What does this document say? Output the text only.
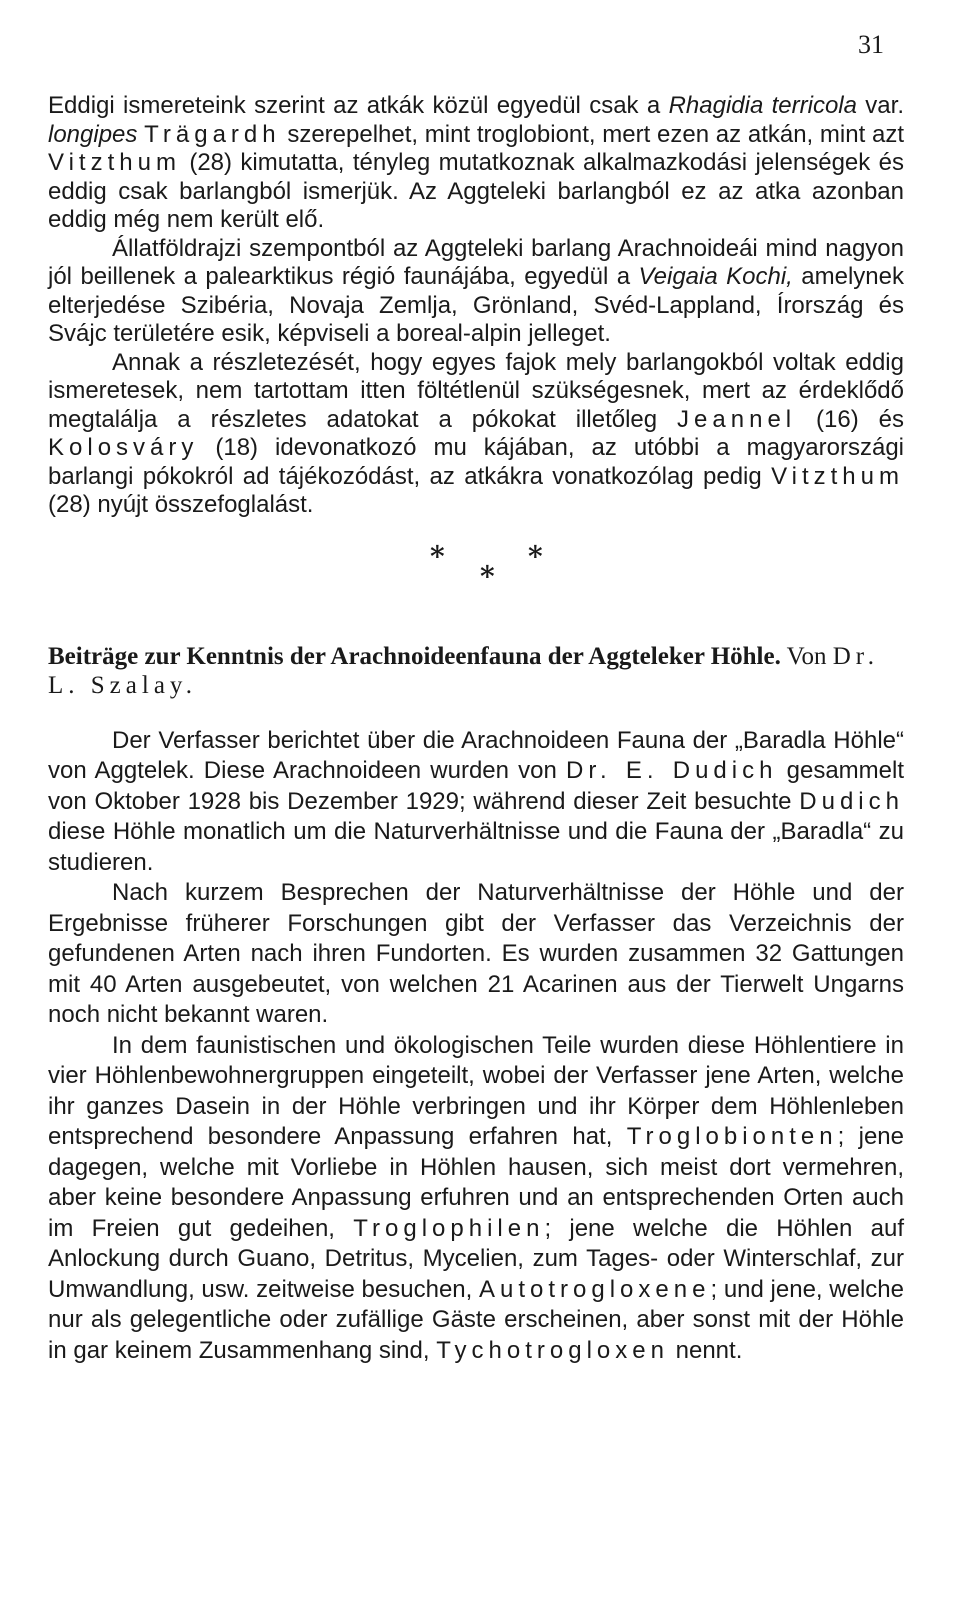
31

Eddigi ismereteink szerint az atkák közül egyedül csak a Rhagidia terricola var. longipes Trägardh szerepelhet, mint troglobiont, mert ezen az atkán, mint azt Vitzthum (28) kimutatta, tényleg mutatkoznak alkalmazkodási jelenségek és eddig csak barlangból ismerjük. Az Aggteleki barlangból ez az atka azonban eddig még nem került elő.

Állatföldrajzi szempontból az Aggteleki barlang Arachnoideái mind nagyon jól beillenek a palearktikus régió faunájába, egyedül a Veigaia Kochi, amelynek elterjedése Szibéria, Novaja Zemlja, Grönland, Svéd-Lappland, Írország és Svájc területére esik, képviseli a boreal-alpin jelleget.

Annak a részletezését, hogy egyes fajok mely barlangokból voltak eddig ismeretesek, nem tartottam itten föltétlenül szükségesnek, mert az érdeklődő megtalálja a részletes adatokat a pókokat illetőleg Jeannel (16) és Kolosváry (18) idevonatkozó mu kájában, az utóbbi a magyarországi barlangi pókokról ad tájékozódást, az atkákra vonatkozólag pedig Vitzthum (28) nyújt összefoglalást.

*
*
*

Beiträge zur Kenntnis der Arachnoideenfauna der Aggteleker Höhle. Von Dr. L. Szalay.

Der Verfasser berichtet über die Arachnoideen Fauna der „Baradla Höhle“ von Aggtelek. Diese Arachnoideen wurden von Dr. E. Dudich gesammelt von Oktober 1928 bis Dezember 1929; während dieser Zeit besuchte Dudich diese Höhle monatlich um die Naturverhältnisse und die Fauna der „Baradla“ zu studieren.

Nach kurzem Besprechen der Naturverhältnisse der Höhle und der Ergebnisse früherer Forschungen gibt der Verfasser das Verzeichnis der gefundenen Arten nach ihren Fundorten. Es wurden zusammen 32 Gattungen mit 40 Arten ausgebeutet, von welchen 21 Acarinen aus der Tierwelt Ungarns noch nicht bekannt waren.

In dem faunistischen und ökologischen Teile wurden diese Höhlentiere in vier Höhlenbewohnergruppen eingeteilt, wobei der Verfasser jene Arten, welche ihr ganzes Dasein in der Höhle verbringen und ihr Körper dem Höhlenleben entsprechend besondere Anpassung erfahren hat, Troglobionten; jene dagegen, welche mit Vorliebe in Höhlen hausen, sich meist dort vermehren, aber keine besondere Anpassung erfuhren und an entsprechenden Orten auch im Freien gut gedeihen, Troglophilen; jene welche die Höhlen auf Anlockung durch Guano, Detritus, Mycelien, zum Tages- oder Winterschlaf, zur Umwandlung, usw. zeitweise besuchen, Autotrogloxene; und jene, welche nur als gelegentliche oder zufällige Gäste erscheinen, aber sonst mit der Höhle in gar keinem Zusammenhang sind, Tychotrogloxen nennt.
